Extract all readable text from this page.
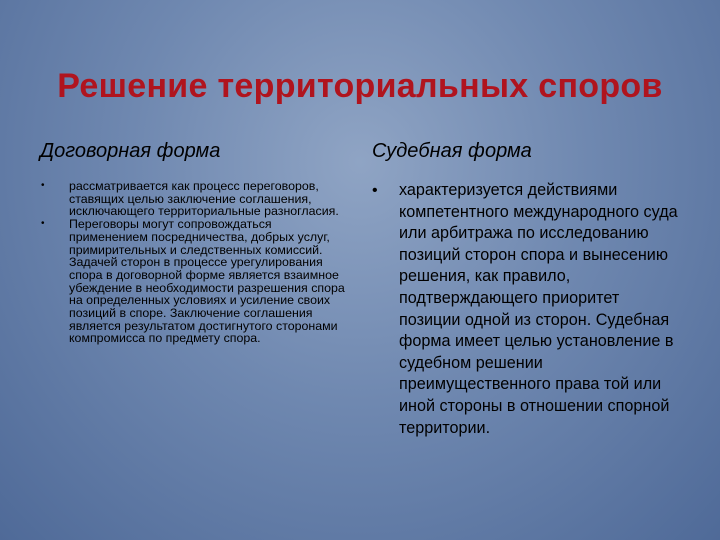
Решение территориальных споров
Договорная форма
• рассматривается как процесс переговоров, ставящих целью заключение соглашения, исключающего территориальные разногласия.
• Переговоры могут сопровождаться применением посредничества, добрых услуг, примирительных и следственных комиссий. Задачей сторон в процессе урегулирования спора в договорной форме является взаимное убеждение в необходимости разрешения спора на определенных условиях и усиление своих позиций в споре. Заключение соглашения является результатом достигнутого сторонами компромисса по предмету спора.
Судебная форма
• характеризуется действиями компетентного международного суда или арбитража по исследованию позиций сторон спора и вынесению решения, как правило, подтверждающего приоритет позиции одной из сторон. Судебная форма имеет целью установление в судебном решении преимущественного права той или иной стороны в отношении спорной территории.
